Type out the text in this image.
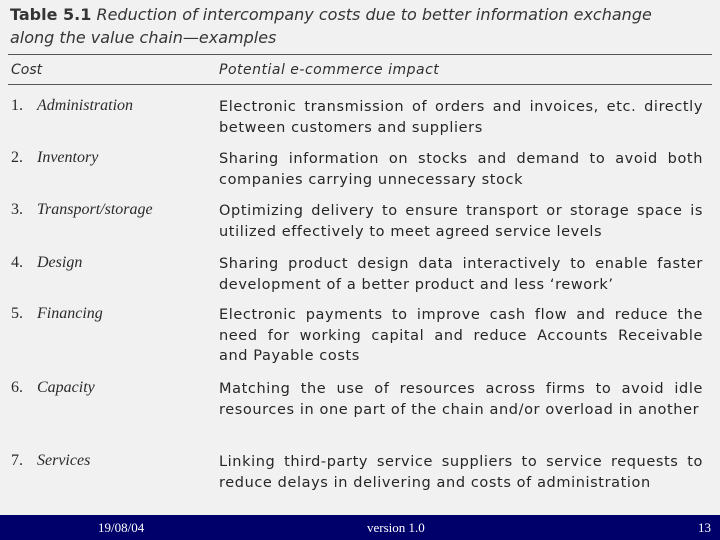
Table 5.1 Reduction of intercompany costs due to better information exchange
along the value chain—examples
Cost	Potential e-commerce impact
1. Administration	Electronic transmission of orders and invoices, etc. directly between customers and suppliers
2. Inventory	Sharing information on stocks and demand to avoid both companies carrying unnecessary stock
3. Transport/storage	Optimizing delivery to ensure transport or storage space is utilized effectively to meet agreed service levels
4. Design	Sharing product design data interactively to enable faster development of a better product and less ‘rework’
5. Financing	Electronic payments to improve cash flow and reduce the need for working capital and reduce Accounts Receivable and Payable costs
6. Capacity	Matching the use of resources across firms to avoid idle resources in one part of the chain and/or overload in another
7. Services	Linking third-party service suppliers to service requests to reduce delays in delivering and costs of administration
19/08/04	version 1.0	13
